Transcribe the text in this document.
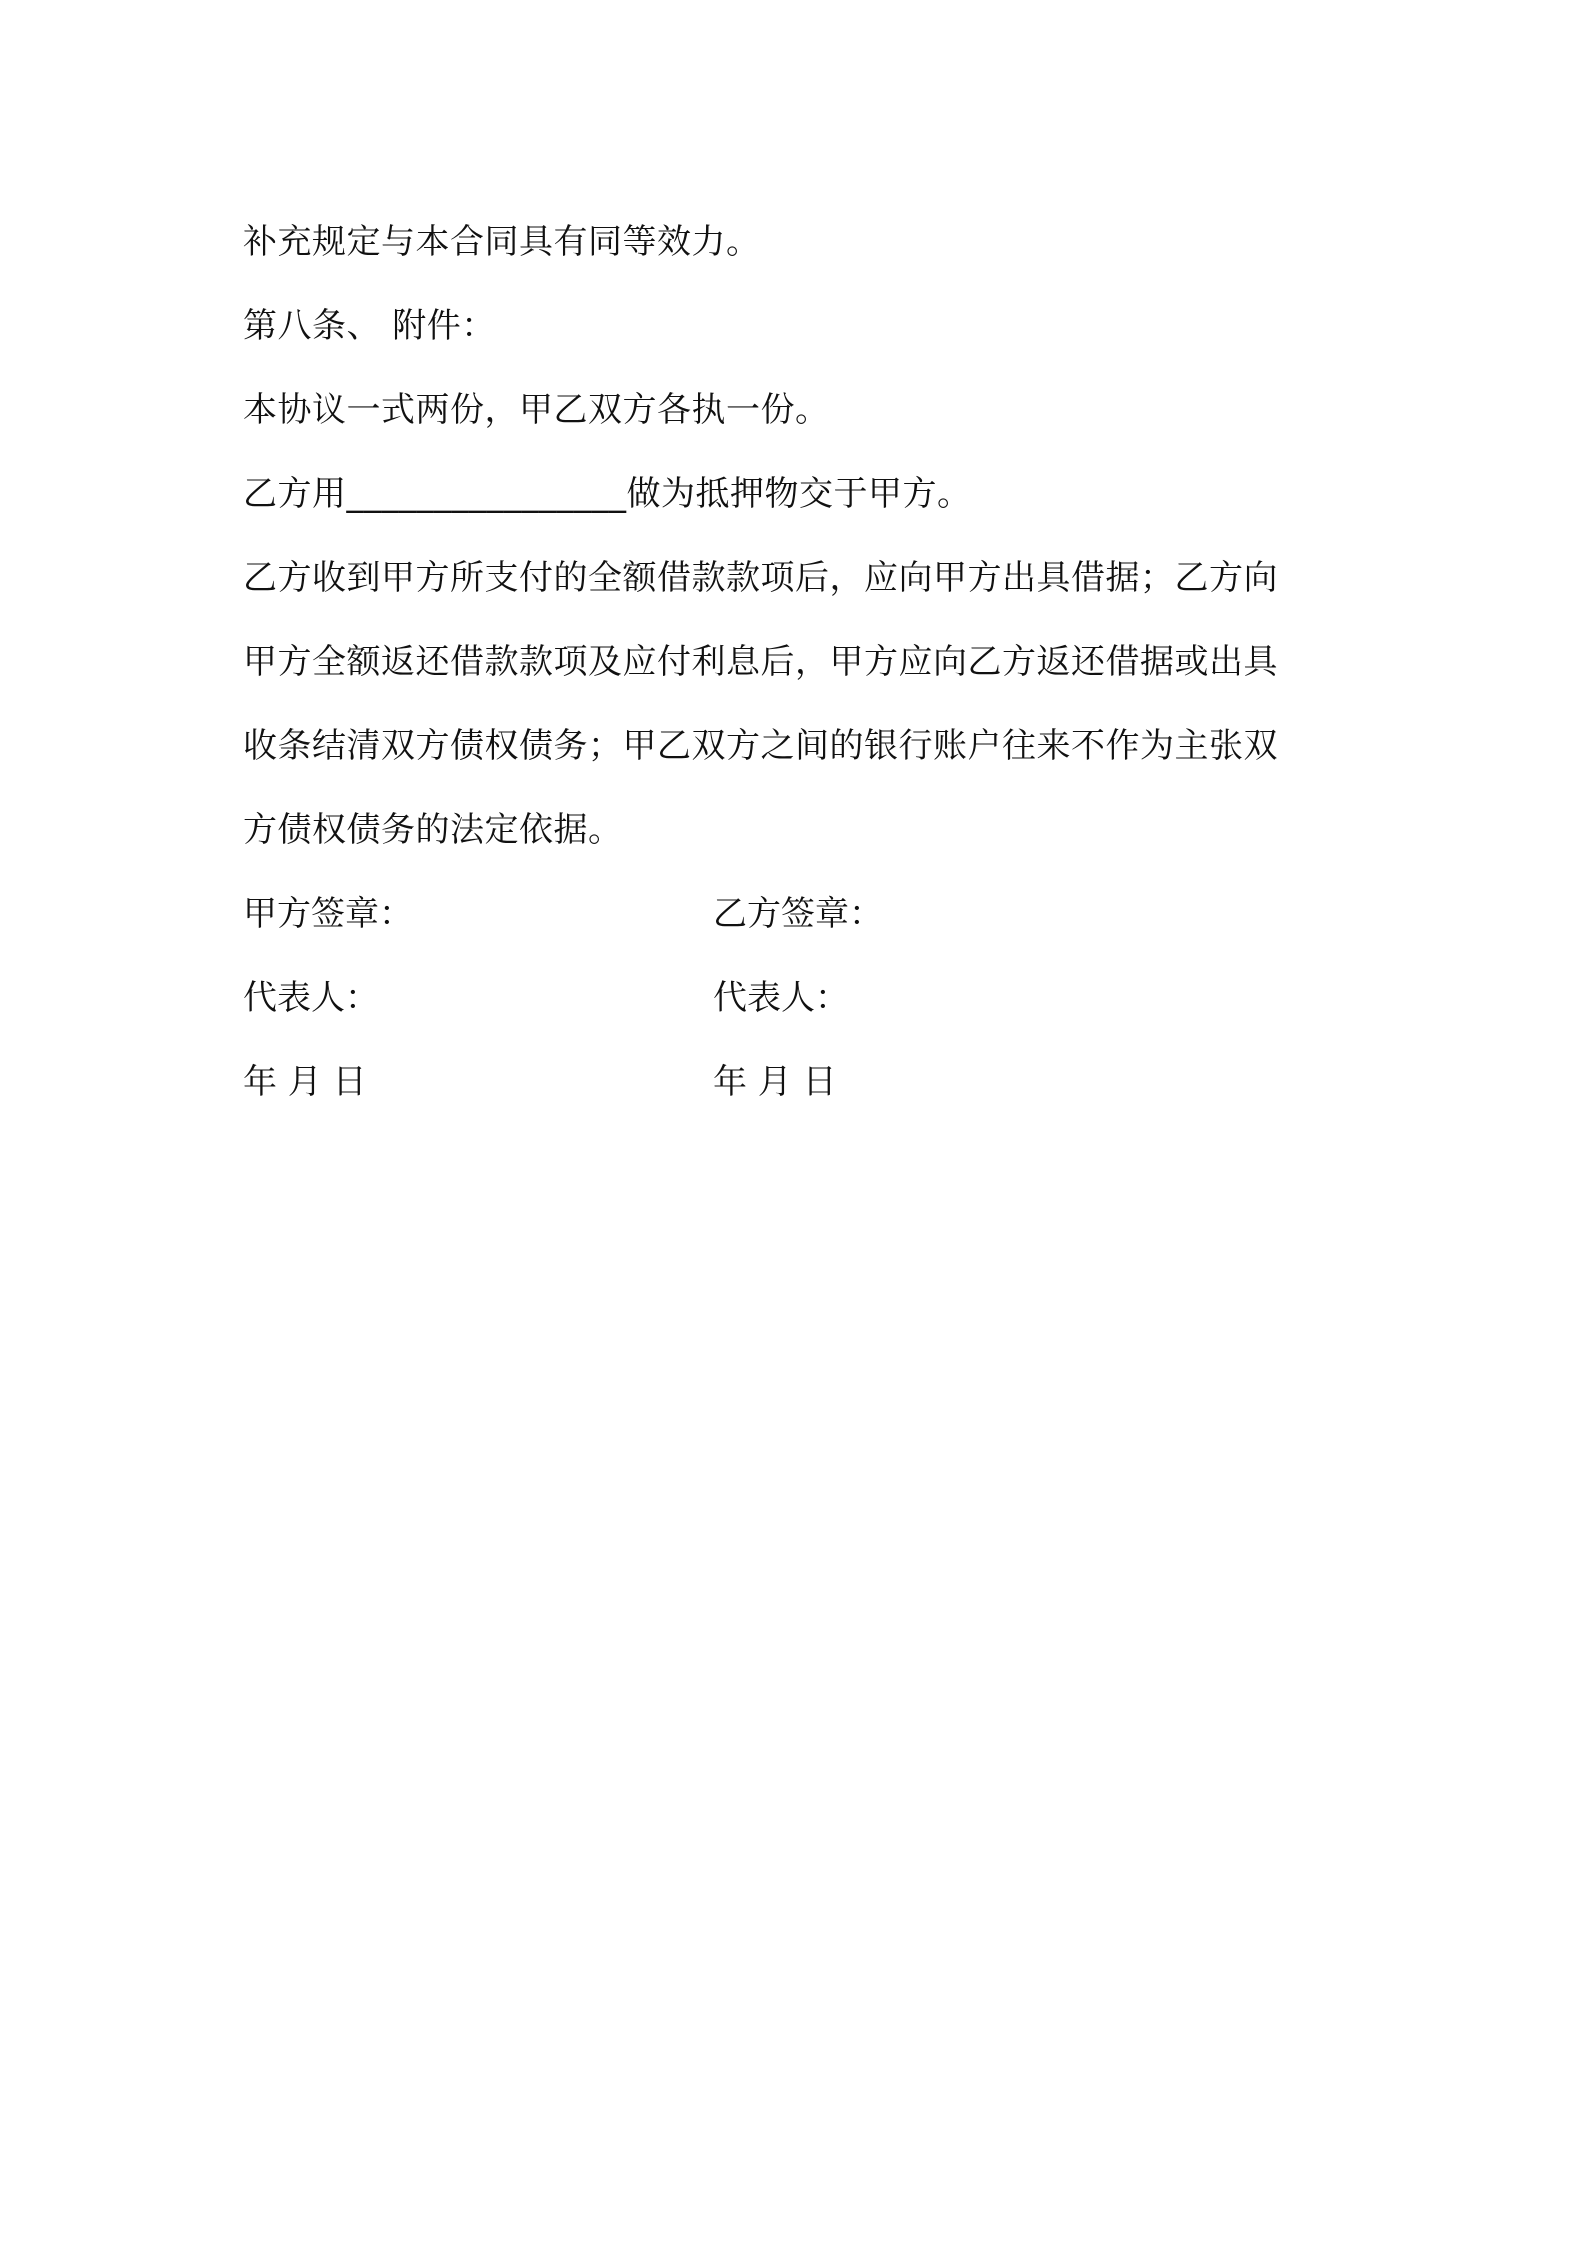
补充规定与本合同具有同等效力。
第八条、 附件：
本协议一式两份，甲乙双方各执一份。
乙方用________________做为抵押物交于甲方。
乙方收到甲方所支付的全额借款款项后，应向甲方出具借据；乙方向
甲方全额返还借款款项及应付利息后，甲方应向乙方返还借据或出具
收条结清双方债权债务；甲乙双方之间的银行账户往来不作为主张双
方债权债务的法定依据。
甲方签章：	乙方签章：
代表人：	代表人：
年 月 日	年 月 日
